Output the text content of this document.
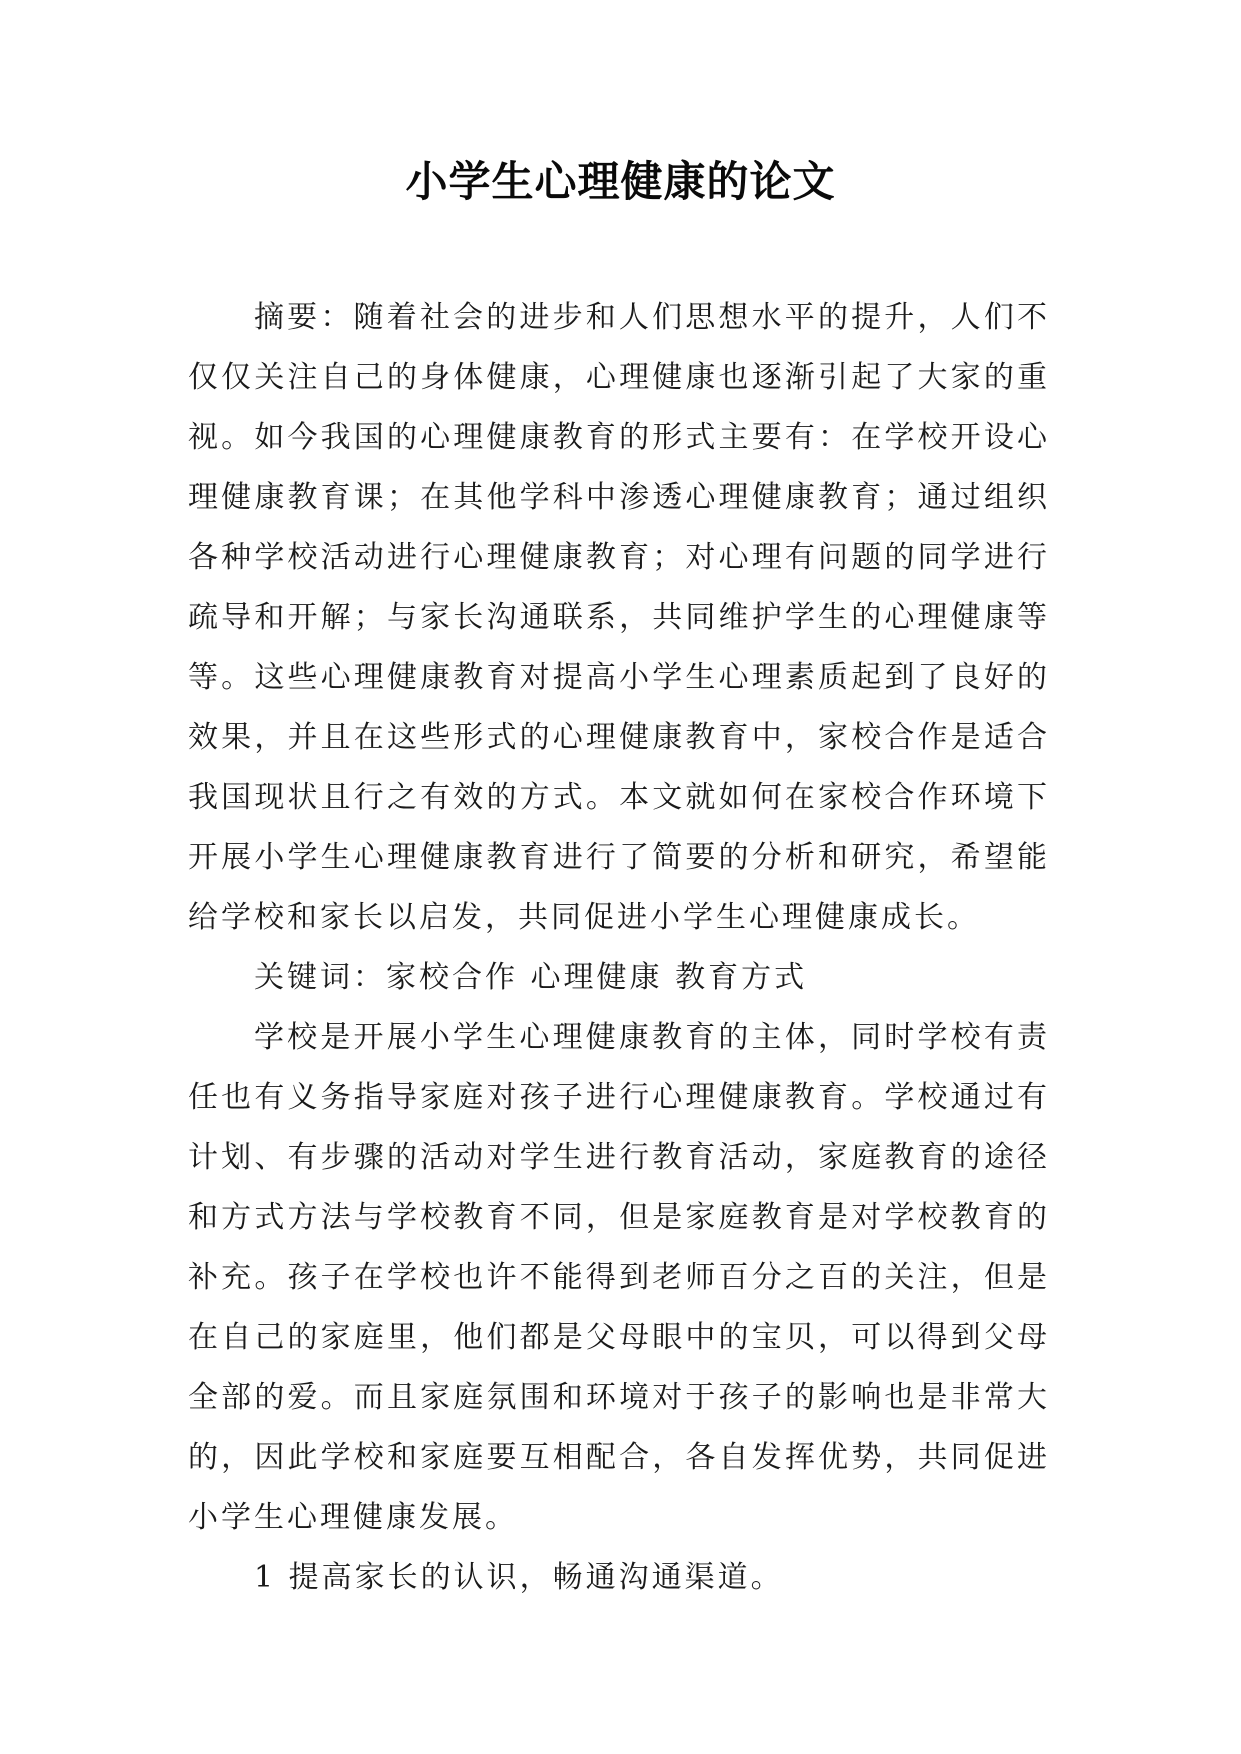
小学生心理健康的论文

摘要：随着社会的进步和人们思想水平的提升，人们不仅仅关注自己的身体健康，心理健康也逐渐引起了大家的重视。如今我国的心理健康教育的形式主要有：在学校开设心理健康教育课；在其他学科中渗透心理健康教育；通过组织各种学校活动进行心理健康教育；对心理有问题的同学进行疏导和开解；与家长沟通联系，共同维护学生的心理健康等等。这些心理健康教育对提高小学生心理素质起到了良好的效果，并且在这些形式的心理健康教育中，家校合作是适合我国现状且行之有效的方式。本文就如何在家校合作环境下开展小学生心理健康教育进行了简要的分析和研究，希望能给学校和家长以启发，共同促进小学生心理健康成长。

关键词：家校合作 心理健康 教育方式

学校是开展小学生心理健康教育的主体，同时学校有责任也有义务指导家庭对孩子进行心理健康教育。学校通过有计划、有步骤的活动对学生进行教育活动，家庭教育的途径和方式方法与学校教育不同，但是家庭教育是对学校教育的补充。孩子在学校也许不能得到老师百分之百的关注，但是在自己的家庭里，他们都是父母眼中的宝贝，可以得到父母全部的爱。而且家庭氛围和环境对于孩子的影响也是非常大的，因此学校和家庭要互相配合，各自发挥优势，共同促进小学生心理健康发展。

1 提高家长的认识，畅通沟通渠道。
